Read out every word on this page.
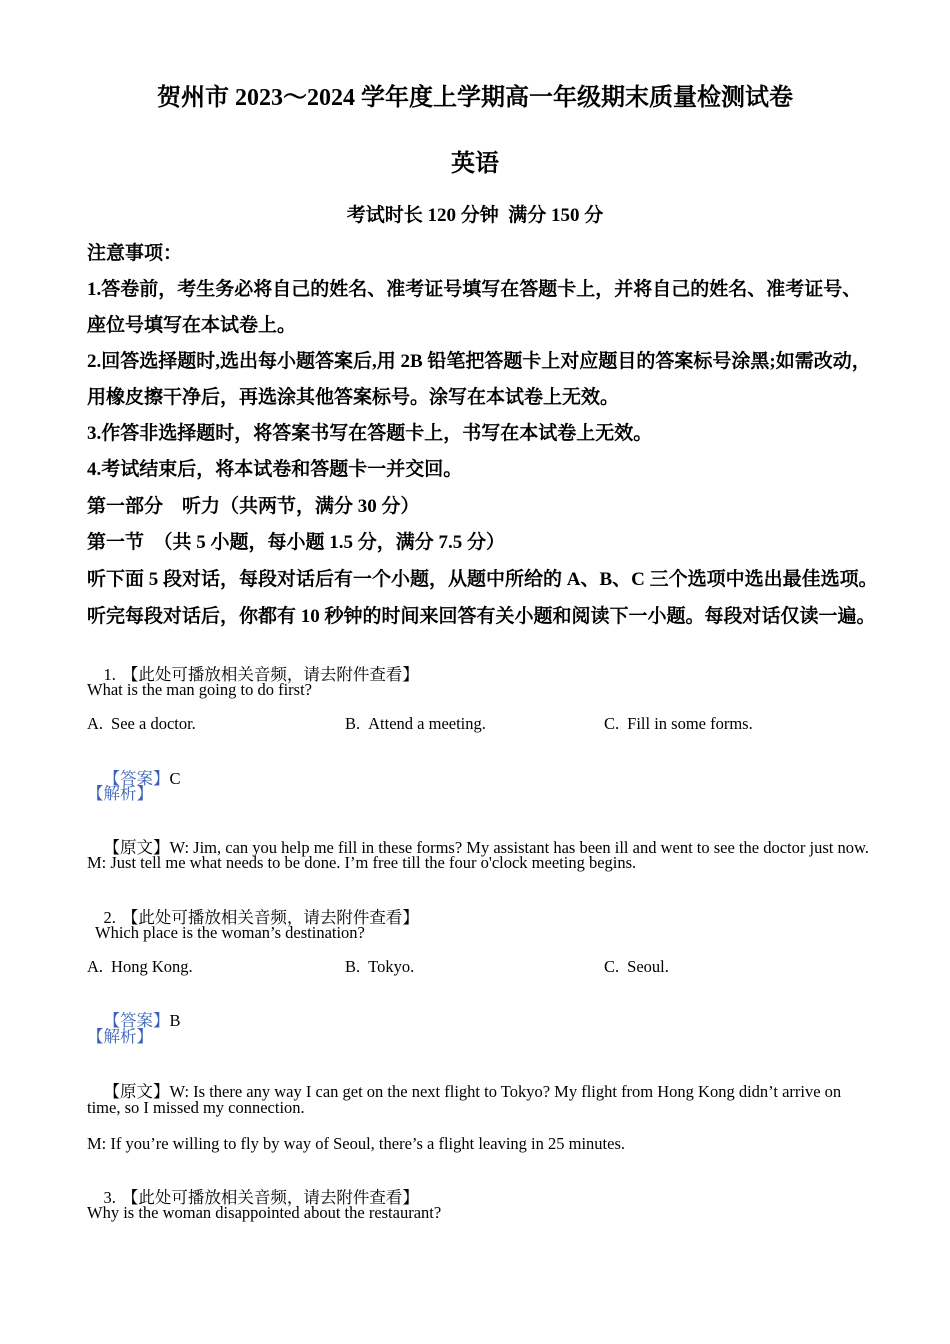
贺州市 2023～2024 学年度上学期高一年级期末质量检测试卷
英语
考试时长 120 分钟  满分 150 分
注意事项：
1.答卷前，考生务必将自己的姓名、准考证号填写在答题卡上，并将自己的姓名、准考证号、
座位号填写在本试卷上。
2.回答选择题时,选出每小题答案后,用 2B 铅笔把答题卡上对应题目的答案标号涂黑;如需改动，
用橡皮擦干净后，再选涂其他答案标号。涂写在本试卷上无效。
3.作答非选择题时，将答案书写在答题卡上，书写在本试卷上无效。
4.考试结束后，将本试卷和答题卡一并交回。
第一部分　听力（共两节，满分 30 分）
第一节　（共 5 小题，每小题 1.5 分，满分 7.5 分）
听下面 5 段对话，每段对话后有一个小题，从题中所给的 A、B、C 三个选项中选出最佳选项。
听完每段对话后，你都有 10 秒钟的时间来回答有关小题和阅读下一小题。每段对话仅读一遍。

1. 【此处可播放相关音频，请去附件查看】

What is the man going to do first?
A. See a doctor.	B. Attend a meeting.	C. Fill in some forms.

【答案】C

【解析】

【原文】W: Jim, can you help me fill in these forms? My assistant has been ill and went to see the doctor just now.

M: Just tell me what needs to be done. I’m free till the four o'clock meeting begins.

2. 【此处可播放相关音频，请去附件查看】

Which place is the woman’s destination?
A. Hong Kong.	B. Tokyo.	C. Seoul.

【答案】B

【解析】

【原文】W: Is there any way I can get on the next flight to Tokyo? My flight from Hong Kong didn’t arrive on

time, so I missed my connection.
M: If you’re willing to fly by way of Seoul, there’s a flight leaving in 25 minutes.

3. 【此处可播放相关音频，请去附件查看】

Why is the woman disappointed about the restaurant?
